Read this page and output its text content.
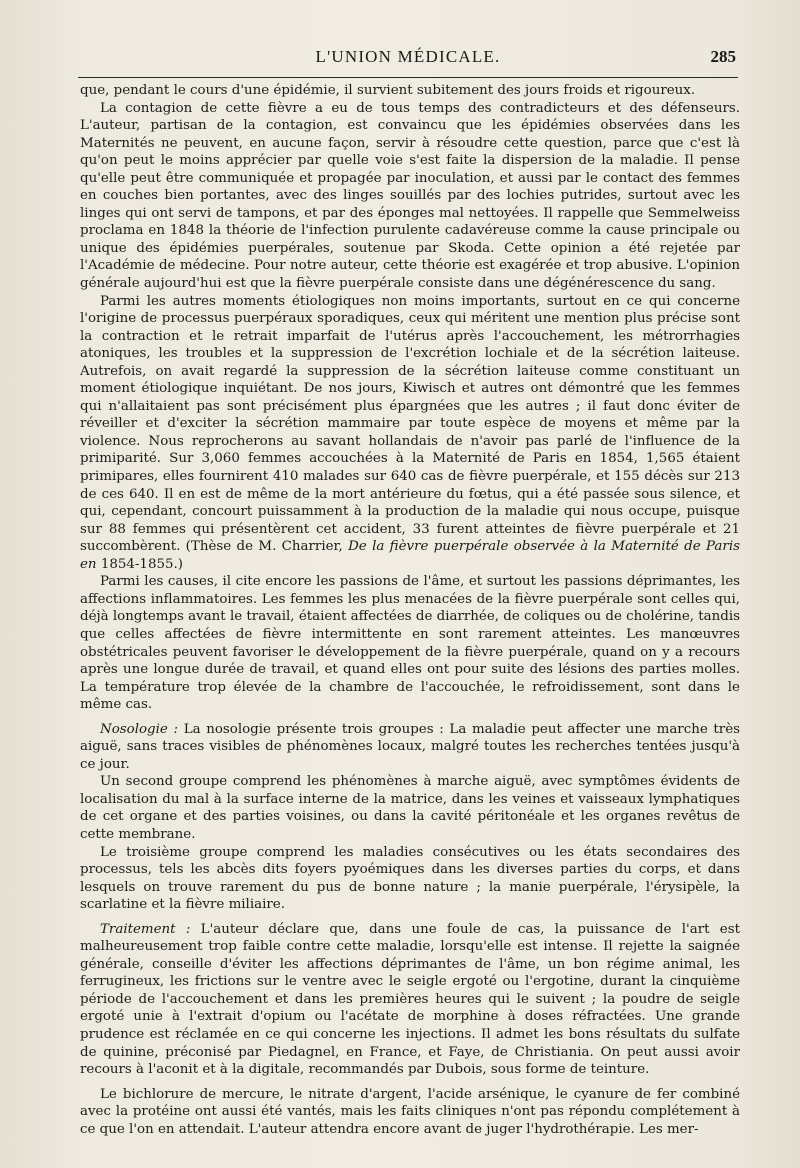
L'UNION MÉDICALE.	285

que, pendant le cours d'une épidémie, il survient subitement des jours froids et rigoureux.

La contagion de cette fièvre a eu de tous temps des contradicteurs et des défenseurs. L'auteur, partisan de la contagion, est convaincu que les épidémies observées dans les Maternités ne peuvent, en aucune façon, servir à résoudre cette question, parce que c'est là qu'on peut le moins apprécier par quelle voie s'est faite la dispersion de la maladie. Il pense qu'elle peut être communiquée et propagée par inoculation, et aussi par le contact des femmes en couches bien portantes, avec des linges souillés par des lochies putrides, surtout avec les linges qui ont servi de tampons, et par des éponges mal nettoyées. Il rappelle que Semmelweiss proclama en 1848 la théorie de l'infection purulente cadavéreuse comme la cause principale ou unique des épidémies puerpérales, soutenue par Skoda. Cette opinion a été rejetée par l'Académie de médecine. Pour notre auteur, cette théorie est exagérée et trop abusive. L'opinion générale aujourd'hui est que la fièvre puerpérale consiste dans une dégénérescence du sang.

Parmi les autres moments étiologiques non moins importants, surtout en ce qui concerne l'origine de processus puerpéraux sporadiques, ceux qui méritent une mention plus précise sont la contraction et le retrait imparfait de l'utérus après l'accouchement, les métrorrhagies atoniques, les troubles et la suppression de l'excrétion lochiale et de la sécrétion laiteuse. Autrefois, on avait regardé la suppression de la sécrétion laiteuse comme constituant un moment étiologique inquiétant. De nos jours, Kiwisch et autres ont démontré que les femmes qui n'allaitaient pas sont précisément plus épargnées que les autres ; il faut donc éviter de réveiller et d'exciter la sécrétion mammaire par toute espèce de moyens et même par la violence. Nous reprocherons au savant hollandais de n'avoir pas parlé de l'influence de la primiparité. Sur 3,060 femmes accouchées à la Maternité de Paris en 1854, 1,565 étaient primipares, elles fournirent 410 malades sur 640 cas de fièvre puerpérale, et 155 décès sur 213 de ces 640. Il en est de même de la mort antérieure du fœtus, qui a été passée sous silence, et qui, cependant, concourt puissamment à la production de la maladie qui nous occupe, puisque sur 88 femmes qui présentèrent cet accident, 33 furent atteintes de fièvre puerpérale et 21 succombèrent. (Thèse de M. Charrier, De la fièvre puerpérale observée à la Maternité de Paris en 1854-1855.)

Parmi les causes, il cite encore les passions de l'âme, et surtout les passions déprimantes, les affections inflammatoires. Les femmes les plus menacées de la fièvre puerpérale sont celles qui, déjà longtemps avant le travail, étaient affectées de diarrhée, de coliques ou de cholérine, tandis que celles affectées de fièvre intermittente en sont rarement atteintes. Les manœuvres obstétricales peuvent favoriser le développement de la fièvre puerpérale, quand on y a recours après une longue durée de travail, et quand elles ont pour suite des lésions des parties molles. La température trop élevée de la chambre de l'accouchée, le refroidissement, sont dans le même cas.

Nosologie : La nosologie présente trois groupes : La maladie peut affecter une marche très aiguë, sans traces visibles de phénomènes locaux, malgré toutes les recherches tentées jusqu'à ce jour.

Un second groupe comprend les phénomènes à marche aiguë, avec symptômes évidents de localisation du mal à la surface interne de la matrice, dans les veines et vaisseaux lymphatiques de cet organe et des parties voisines, ou dans la cavité péritonéale et les organes revêtus de cette membrane.

Le troisième groupe comprend les maladies consécutives ou les états secondaires des processus, tels les abcès dits foyers pyoémiques dans les diverses parties du corps, et dans lesquels on trouve rarement du pus de bonne nature ; la manie puerpérale, l'érysipèle, la scarlatine et la fièvre miliaire.

Traitement : L'auteur déclare que, dans une foule de cas, la puissance de l'art est malheureusement trop faible contre cette maladie, lorsqu'elle est intense. Il rejette la saignée générale, conseille d'éviter les affections déprimantes de l'âme, un bon régime animal, les ferrugineux, les frictions sur le ventre avec le seigle ergoté ou l'ergotine, durant la cinquième période de l'accouchement et dans les premières heures qui le suivent ; la poudre de seigle ergoté unie à l'extrait d'opium ou l'acétate de morphine à doses réfractées. Une grande prudence est réclamée en ce qui concerne les injections. Il admet les bons résultats du sulfate de quinine, préconisé par Piedagnel, en France, et Faye, de Christiania. On peut aussi avoir recours à l'aconit et à la digitale, recommandés par Dubois, sous forme de teinture.

Le bichlorure de mercure, le nitrate d'argent, l'acide arsénique, le cyanure de fer combiné avec la protéine ont aussi été vantés, mais les faits cliniques n'ont pas répondu complétement à ce que l'on en attendait. L'auteur attendra encore avant de juger l'hydrothérapie. Les mer-
